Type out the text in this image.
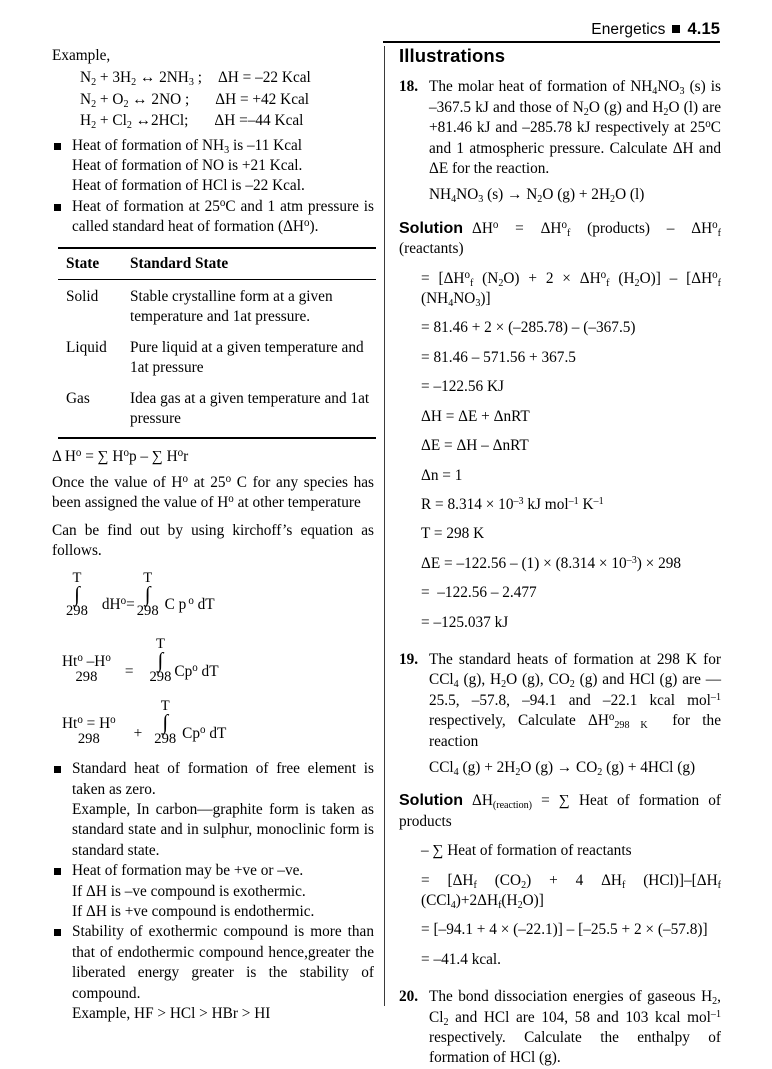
Energetics 4.15

Example,

$N_2 + 3H_2$ ↔ $2NH_3$ ; ΔH = –22 Kcal

$N_2 + O_2$ ↔ 2NO ; ΔH = +42 Kcal

$H_2 + Cl_2$ ↔2HCl; ΔH =–44 Kcal

Heat of formation of $NH_3$ is –11 Kcal

Heat of formation of NO is +21 Kcal.

Heat of formation of HCl is –22 Kcal.

Heat of formation at 25$^o$C and 1 atm pressure is called standard heat of formation $(\Delta H^o)$.

State	Standard State
Solid	Stable crystalline form at a given temperature and 1at pressure.
Liquid	Pure liquid at a given temperature and 1at pressure
Gas	Idea gas at a given temperature and 1at pressure

Δ $H^o$ = ∑ $H^op$ – ∑ $H^or$

Once the value of $H^o$ at 25$^o$ C for any species has been assigned the value of $H^o$ at other temperature

Can be find out by using kirchoff’s equation as follows.

T
∫
298 $dH^o=$
T
∫
298 C p $^o$ dT
Ht$^o$ $-H^o$
298	=
T
∫
298 Cp$^o$ dT
$Ht^o = H^o$
298	+
T
∫
298 Cp$^o$ dT

Standard heat of formation of free element is taken as zero.

Example, In carbon—graphite form is taken as standard state and in sulphur, monoclinic form is standard state.

Heat of formation may be +ve or –ve.

If ΔH is –ve compound is exothermic.

If ΔH is +ve compound is endothermic.

Stability of exothermic compound is more than that of endothermic compound hence,greater the liberated energy greater is the stability of compound.

Example, HF > HCl > HBr > HI

Illustrations

18. The molar heat of formation of $NH_4NO_3$ (s) is –367.5 kJ and those of $N_2O$ (g) and $H_2O$ (l) are +81.46 kJ and –285.78 kJ respectively at 25$^o$C and 1 atmospheric pressure. Calculate ΔH and ΔE for the reaction.

$NH_4NO_3$ $(s) \to N_2O$ $(g) + 2H_2O$ (l)

Solution $\Delta H^o = \Delta H^o_f$ (products) – $\Delta H^o_f$ (reactants)

=  [$\Delta H^o_f$  $(N_2O) + 2 \times \Delta H^o_f$  $(H_2O)] - [\Delta H^o_f$ $(NH_4NO_3)$]

= 81.46 + 2 × (–285.78) – (–367.5)

= 81.46 – 571.56 + 367.5

= –122.56 KJ

ΔH = ΔE + ΔnRT

ΔE = ΔH – ΔnRT

Δn = 1

$R = 8.314 \times 10^{-3}$ kJ mol$^{-1}$ $K^{-1}$

T = 298 K

$\Delta E = -122.56 - (1) \times (8.314 \times 10^{-3}) \times 298$

=  –122.56 – 2.477

= –125.037 kJ

19. The standard heats of formation at 298 K for CCl$_4$ (g), $H_2O$ (g), $CO_2$ (g) and HCl (g) are — 25.5, –57.8, –94.1 and –22.1 kcal mol$^{-1}$ respectively, Calculate $\Delta H^o_{298 K}$  for the reaction

CCl$_4$ $(g) + 2H_2O$ $(g) \to CO_2$ (g) + 4HCl (g)

Solution $\Delta H_{(reaction)}$ = ∑ Heat of formation of products

– ∑ Heat of formation of reactants

=  [$\Delta H_f$  $(CO_2) + 4$  $\Delta H_f$  $(HCl)]-[\Delta H_f$ $(CCl_4)+2\Delta H_f(H_2O)$]

= [–94.1 + 4 × (–22.1)] – [–25.5 + 2 × (–57.8)]

= –41.4 kcal.

20. The bond dissociation energies of gaseous $H_2$, $Cl_2$ and HCl are 104, 58 and 103 kcal mol$^{-1}$ respectively. Calculate the enthalpy of formation of HCl (g).
